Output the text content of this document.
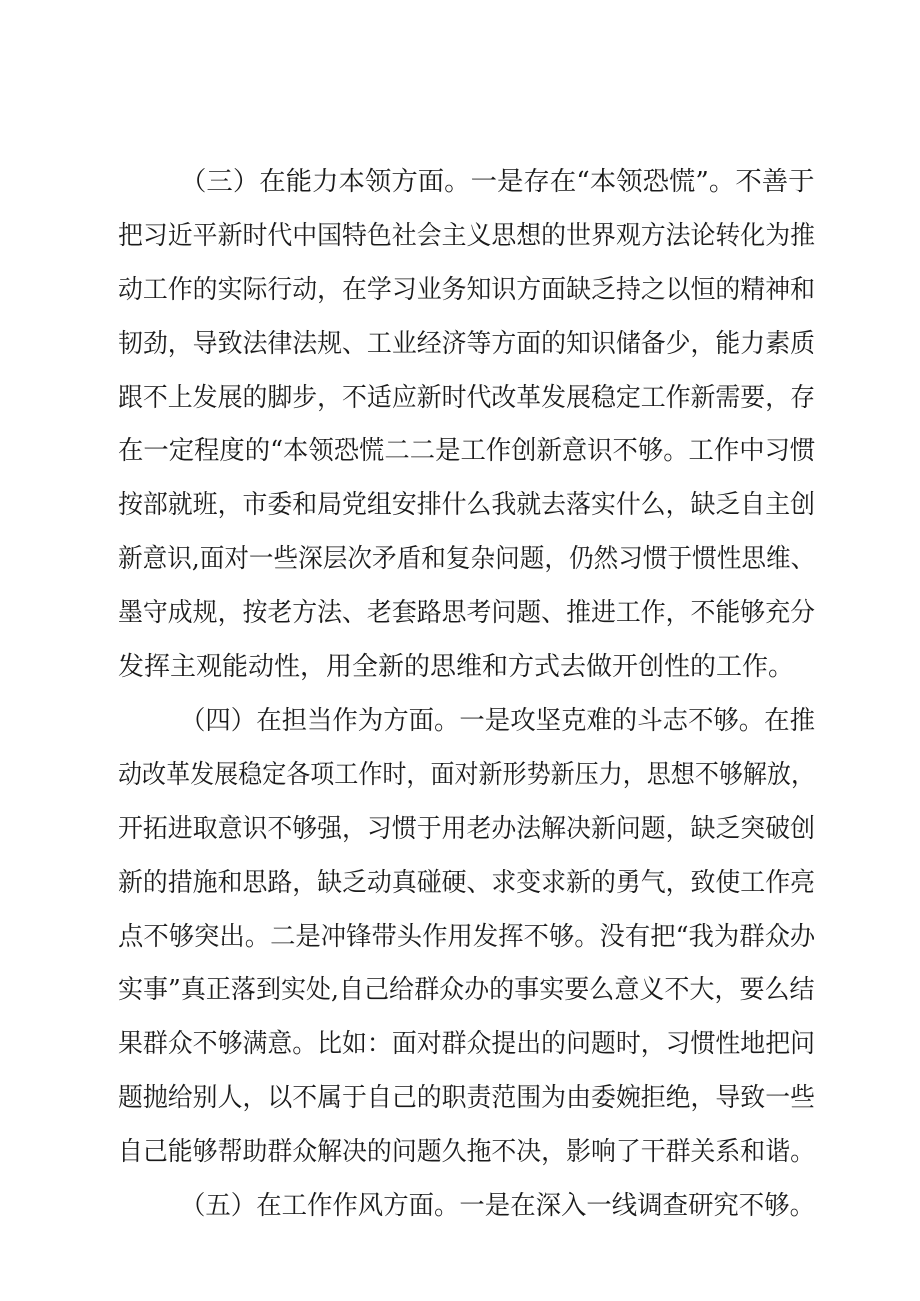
（三）在能力本领方面。一是存在“本领恐慌”。不善于
把习近平新时代中国特色社会主义思想的世界观方法论转化为推
动工作的实际行动，在学习业务知识方面缺乏持之以恒的精神和
韧劲，导致法律法规、工业经济等方面的知识储备少，能力素质
跟不上发展的脚步，不适应新时代改革发展稳定工作新需要，存
在一定程度的“本领恐慌二二是工作创新意识不够。工作中习惯
按部就班，市委和局党组安排什么我就去落实什么，缺乏自主创
新意识,面对一些深层次矛盾和复杂问题，仍然习惯于惯性思维、
墨守成规，按老方法、老套路思考问题、推进工作，不能够充分
发挥主观能动性，用全新的思维和方式去做开创性的工作。
（四）在担当作为方面。一是攻坚克难的斗志不够。在推
动改革发展稳定各项工作时，面对新形势新压力，思想不够解放，
开拓进取意识不够强，习惯于用老办法解决新问题，缺乏突破创
新的措施和思路，缺乏动真碰硬、求变求新的勇气，致使工作亮
点不够突出。二是冲锋带头作用发挥不够。没有把“我为群众办
实事”真正落到实处,自己给群众办的事实要么意义不大，要么结
果群众不够满意。比如：面对群众提出的问题时，习惯性地把问
题抛给别人，以不属于自己的职责范围为由委婉拒绝，导致一些
自己能够帮助群众解决的问题久拖不决，影响了干群关系和谐。
（五）在工作作风方面。一是在深入一线调查研究不够。
